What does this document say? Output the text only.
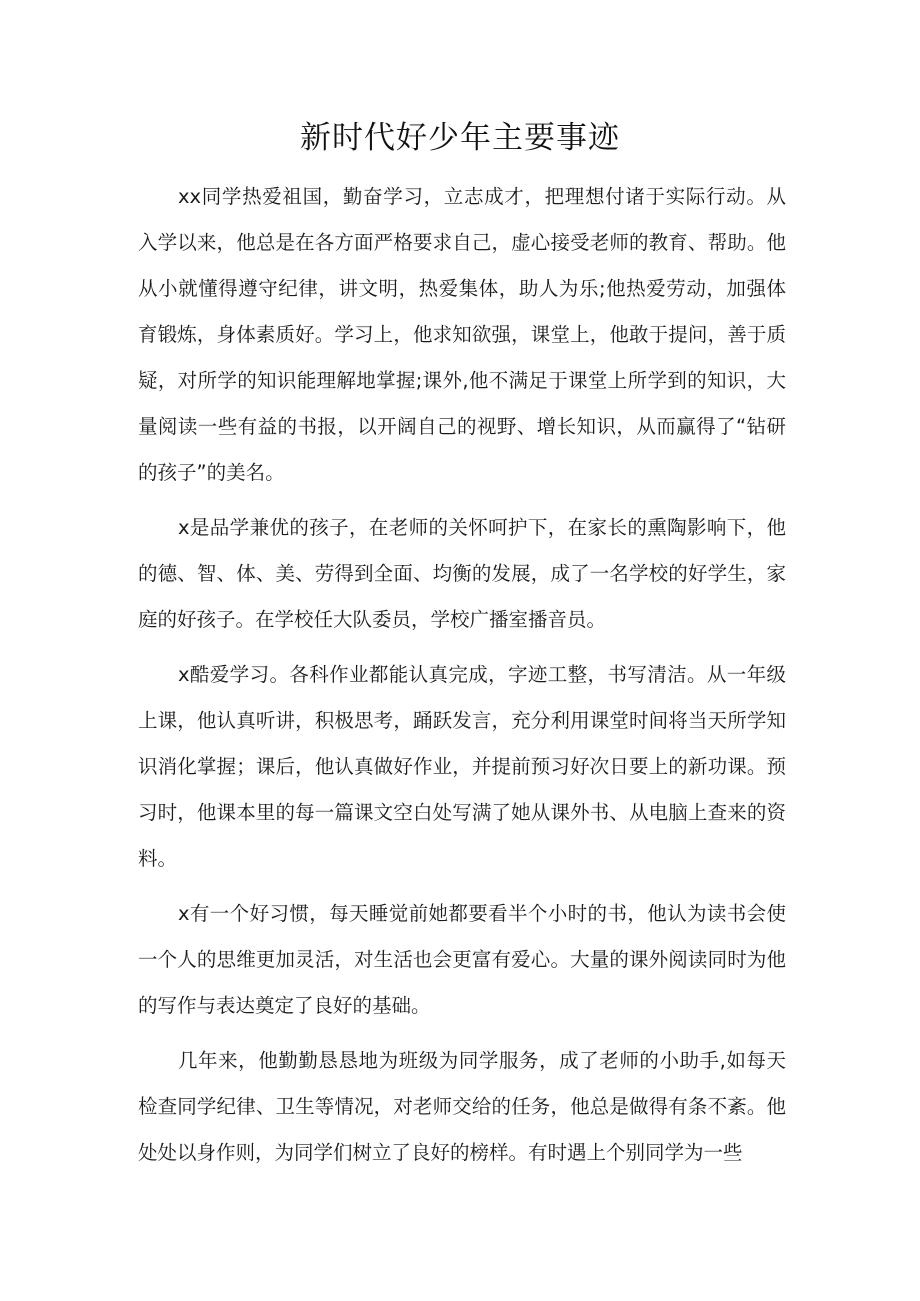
新时代好少年主要事迹

xx同学热爱祖国，勤奋学习，立志成才，把理想付诸于实际行动。从入学以来，他总是在各方面严格要求自己，虚心接受老师的教育、帮助。他从小就懂得遵守纪律，讲文明，热爱集体，助人为乐;他热爱劳动，加强体育锻炼，身体素质好。学习上，他求知欲强，课堂上，他敢于提问，善于质疑，对所学的知识能理解地掌握;课外,他不满足于课堂上所学到的知识，大量阅读一些有益的书报，以开阔自己的视野、增长知识，从而赢得了“钻研的孩子”的美名。

x是品学兼优的孩子，在老师的关怀呵护下，在家长的熏陶影响下，他的德、智、体、美、劳得到全面、均衡的发展，成了一名学校的好学生，家庭的好孩子。在学校任大队委员，学校广播室播音员。

x酷爱学习。各科作业都能认真完成，字迹工整，书写清洁。从一年级上课，他认真听讲，积极思考，踊跃发言，充分利用课堂时间将当天所学知识消化掌握；课后，他认真做好作业，并提前预习好次日要上的新功课。预习时，他课本里的每一篇课文空白处写满了她从课外书、从电脑上查来的资料。

x有一个好习惯，每天睡觉前她都要看半个小时的书，他认为读书会使一个人的思维更加灵活，对生活也会更富有爱心。大量的课外阅读同时为他的写作与表达奠定了良好的基础。

几年来，他勤勤恳恳地为班级为同学服务，成了老师的小助手,如每天检查同学纪律、卫生等情况，对老师交给的任务，他总是做得有条不紊。他处处以身作则，为同学们树立了良好的榜样。有时遇上个别同学为一些
